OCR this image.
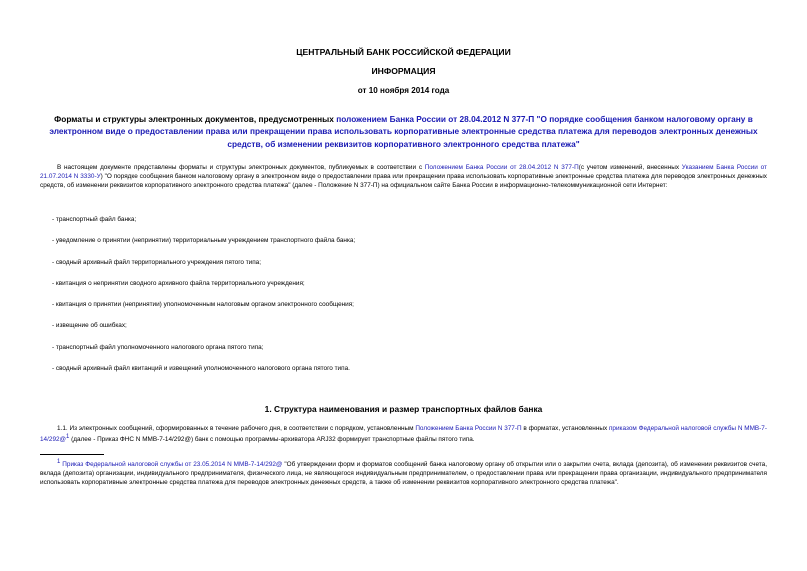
ЦЕНТРАЛЬНЫЙ БАНК РОССИЙСКОЙ ФЕДЕРАЦИИ
ИНФОРМАЦИЯ
от 10 ноября 2014 года
Форматы и структуры электронных документов, предусмотренных положением Банка России от 28.04.2012 N 377-П "О порядке сообщения банком налоговому органу в электронном виде о предоставлении права или прекращении права использовать корпоративные электронные средства платежа для переводов электронных денежных средств, об изменении реквизитов корпоративного электронного средства платежа"
В настоящем документе представлены форматы и структуры электронных документов, публикуемых в соответствии с Положением Банка России от 28.04.2012 N 377-П(с учетом изменений, внесенных Указанием Банка России от 21.07.2014 N 3330-У) "О порядке сообщения банком налоговому органу в электронном виде о предоставлении права или прекращении права использовать корпоративные электронные средства платежа для переводов электронных денежных средств, об изменении реквизитов корпоративного электронного средства платежа" (далее - Положение N 377-П) на официальном сайте Банка России в информационно-телекоммуникационной сети Интернет:
- транспортный файл банка;
- уведомление о принятии (непринятии) территориальным учреждением транспортного файла банка;
- сводный архивный файл территориального учреждения пятого типа;
- квитанция о непринятии сводного архивного файла территориального учреждения;
- квитанция о принятии (непринятии) уполномоченным налоговым органом электронного сообщения;
- извещение об ошибках;
- транспортный файл уполномоченного налогового органа пятого типа;
- сводный архивный файл квитанций и извещений уполномоченного налогового органа пятого типа.
1. Структура наименования и размер транспортных файлов банка
1.1. Из электронных сообщений, сформированных в течение рабочего дня, в соответствии с порядком, установленным Положением Банка России N 377-П в форматах, установленных приказом Федеральной налоговой службы N ММВ-7-14/292@$^1$ (далее - Приказ ФНС N ММВ-7-14/292@) банк с помощью программы-архиватора ARJ32 формирует транспортные файлы пятого типа.
$^1$ Приказ Федеральной налоговой службы от 23.05.2014 N ММВ-7-14/292@ "Об утверждении форм и форматов сообщений банка налоговому органу об открытии или о закрытии счета, вклада (депозита), об изменении реквизитов счета, вклада (депозита) организации, индивидуального предпринимателя, физического лица, не являющегося индивидуальным предпринимателем, о предоставлении права или прекращении права организации, индивидуального предпринимателя использовать корпоративные электронные средства платежа для переводов электронных денежных средств, а также об изменении реквизитов корпоративного электронного средства платежа".
